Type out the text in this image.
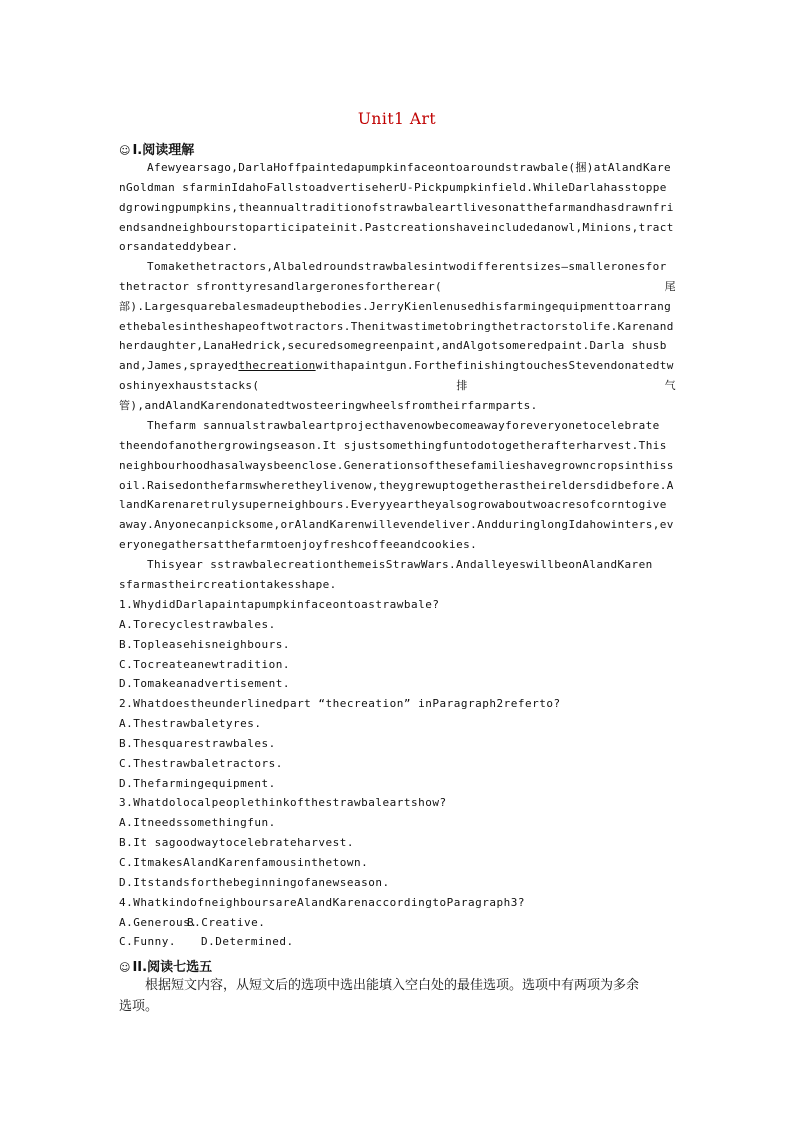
Unit1 Art
☺ I.阅读理解
Afewyearsago,DarlaHoffpaintedapumpkinfaceontoaroundstrawbale(捆)atAlandKare
nGoldman sfarminIdahoFallstoadvertiseherU-Pickpumpkinfield.WhileDarlahasstoppe
dgrowingpumpkins,theannualtraditionofstrawbaleartlivesonatthefarmandhasdrawnfri
endsandneighbourstoparticipateinit.Pastcreationshaveincludedanowl,Minions,tract
orsandateddybear.
Tomakethetractors,Albaledroundstrawbalesintwodifferentsizes—smalleronesfor
thetractor sfronttyresandlargeronesfortherear(	尾
部).Largesquarebalesmadeupthebodies.JerryKienlenusedhisfarmingequipmenttoarrang
ethebalesintheshapeoftwotractors.Thenitwastimetobringthetractorstolife.Karenand
herdaughter,LanaHedrick,securedsomegreenpaint,andAlgotsomeredpaint.Darla shusb
and,James,sprayedthecreationwithapaintgun.ForthefinishingtouchesStevendonatedtw
oshinyexhauststacks(	排	气
管),andAlandKarendonatedtwosteeringwheelsfromtheirfarmparts.
Thefarm sannualstrawbaleartprojecthavenowbecomeawayforeveryonetocelebrate
theendofanothergrowingseason.It sjustsomethingfuntodotogetherafterharvest.This
neighbourhoodhasalwaysbeenclose.Generationsofthesefamilieshavegrowncropsinthiss
oil.Raisedonthefarmswheretheylivenow,theygrewuptogetherastheireldersdidbefore.A
landKarenaretrulysuperneighbours.Everyyeartheyalsogrowaboutwoacresofcorntogive
away.Anyonecanpicksome,orAlandKarenwillevendeliver.AndduringlongIdahowinters,ev
eryonegathersatthefarmtoenjoyfreshcoffeeandcookies.
Thisyear sstrawbalecreationthemeisStrawWars.AndalleyeswillbeonAlandKaren
sfarmastheircreationtakesshape.
1.WhydidDarlapaintapumpkinfaceontoastrawbale?
A.Torecyclestrawbales.
B.Topleasehisneighbours.
C.Tocreateanewtradition.
D.Tomakeanadvertisement.
2.Whatdoestheunderlinedpart “thecreation” inParagraph2referto?
A.Thestrawbaletyres.
B.Thesquarestrawbales.
C.Thestrawbaletractors.
D.Thefarmingequipment.
3.Whatdolocalpeoplethinkofthestrawbaleartshow?
A.Itneedssomethingfun.
B.It sagoodwaytocelebrateharvest.
C.ItmakesAlandKarenfamousinthetown.
D.Itstandsforthebeginningofanewseason.
4.WhatkindofneighboursareAlandKarenaccordingtoParagraph3?
A.Generous.B.Creative.
C.Funny. D.Determined.
☺ II.阅读七选五

根据短文内容，从短文后的选项中选出能填入空白处的最佳选项。选项中有两项为多余

选项。
